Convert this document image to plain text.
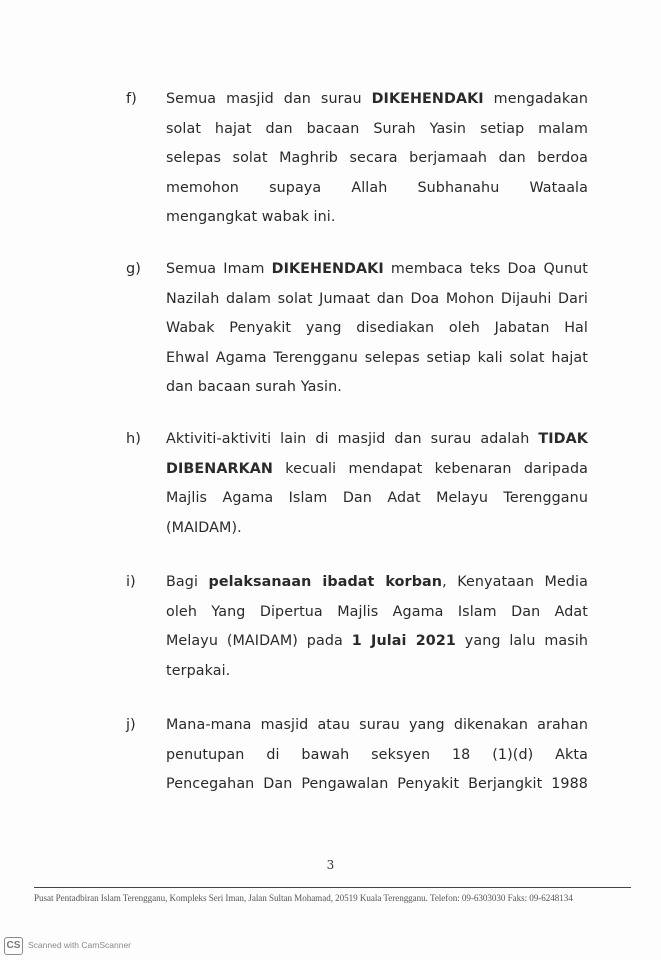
f) Semua masjid dan surau DIKEHENDAKI mengadakan
solat hajat dan bacaan Surah Yasin setiap malam
selepas solat Maghrib secara berjamaah dan berdoa
memohon supaya Allah Subhanahu Wataala
mengangkat wabak ini.
g) Semua Imam DIKEHENDAKI membaca teks Doa Qunut
Nazilah dalam solat Jumaat dan Doa Mohon Dijauhi Dari
Wabak Penyakit yang disediakan oleh Jabatan Hal
Ehwal Agama Terengganu selepas setiap kali solat hajat
dan bacaan surah Yasin.
h) Aktiviti-aktiviti lain di masjid dan surau adalah TIDAK
DIBENARKAN kecuali mendapat kebenaran daripada
Majlis Agama Islam Dan Adat Melayu Terengganu
(MAIDAM).
i) Bagi pelaksanaan ibadat korban, Kenyataan Media
oleh Yang Dipertua Majlis Agama Islam Dan Adat
Melayu (MAIDAM) pada 1 Julai 2021 yang lalu masih
terpakai.
j) Mana-mana masjid atau surau yang dikenakan arahan
penutupan di bawah seksyen 18 (1)(d) Akta
Pencegahan Dan Pengawalan Penyakit Berjangkit 1988
3
Pusat Pentadbiran Islam Terengganu, Kompleks Seri Iman, Jalan Sultan Mohamad, 20519 Kuala Terengganu. Telefon: 09-6303030 Faks: 09-6248134
CS Scanned with CamScanner
